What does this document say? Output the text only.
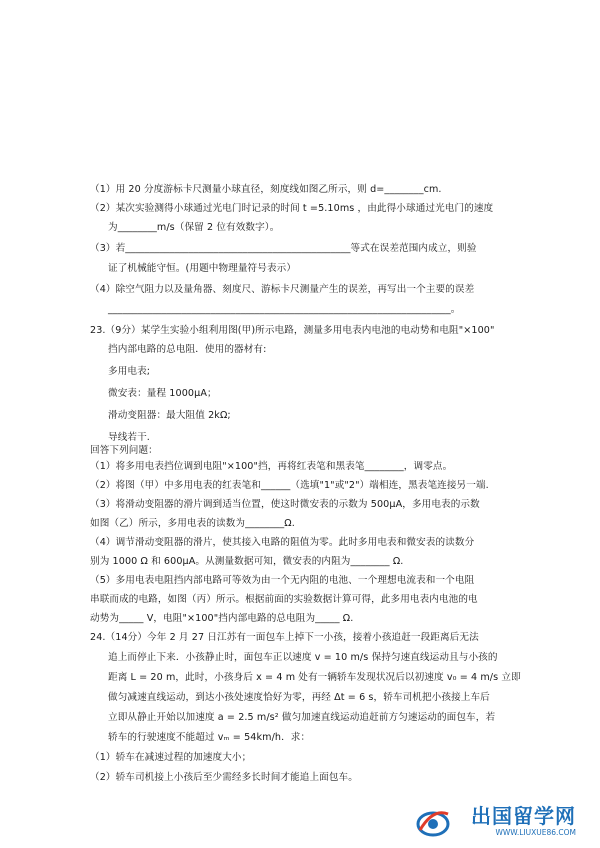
（1）用 20 分度游标卡尺测量小球直径，刻度线如图乙所示，则 d=________cm.
（2）某次实验测得小球通过光电门时记录的时间 t =5.10ms ，由此得小球通过光电门的速度
为________m/s（保留 2 位有效数字）。
（3）若______________________________________________等式在误差范围内成立，则验
证了机械能守恒。(用题中物理量符号表示）
（4）除空气阻力以及量角器、刻度尺、游标卡尺测量产生的误差，再写出一个主要的误差
______________________________________________________________________。
23.（9分）某学生实验小组利用图(甲)所示电路，测量多用电表内电池的电动势和电阻"×100"
挡内部电路的总电阻．使用的器材有:
多用电表;
微安表：量程 1000μA；
滑动变阻器：最大阻值 2kΩ;
导线若干.
回答下列问题：
（1）将多用电表挡位调到电阻"×100"挡，再将红表笔和黑表笔________，调零点。
（2）将图（甲）中多用电表的红表笔和______（选填"1"或"2"）端相连，黑表笔连接另一端.
（3）将滑动变阻器的滑片调到适当位置，使这时微安表的示数为 500μA，多用电表的示数
如图（乙）所示，多用电表的读数为________Ω.
（4）调节滑动变阻器的滑片，使其接入电路的阻值为零。此时多用电表和微安表的读数分
别为 1000 Ω 和 600μA。从测量数据可知，微安表的内阻为________ Ω.
（5）多用电表电阻挡内部电路可等效为由一个无内阻的电池、一个理想电流表和一个电阻
串联而成的电路，如图（丙）所示。根据前面的实验数据计算可得，此多用电表内电池的电
动势为_____ V，电阻"×100"挡内部电路的总电阻为_____ Ω.
24.（14分）今年 2 月 27 日江苏有一面包车上掉下一小孩，接着小孩追赶一段距离后无法
追上而停止下来．小孩静止时，面包车正以速度 v = 10 m/s 保持匀速直线运动且与小孩的
距离 L = 20 m，此时，小孩身后 x = 4 m 处有一辆轿车发现状况后以初速度 v₀ = 4 m/s 立即
做匀减速直线运动，到达小孩处速度恰好为零，再经 Δt = 6 s，轿车司机把小孩接上车后
立即从静止开始以加速度 a = 2.5 m/s² 做匀加速直线运动追赶前方匀速运动的面包车，若
轿车的行驶速度不能超过 vₘ = 54km/h．求：
（1）轿车在减速过程的加速度大小；
（2）轿车司机接上小孩后至少需经多长时间才能追上面包车。
出国留学网
WWW.LIUXUE86.COM
